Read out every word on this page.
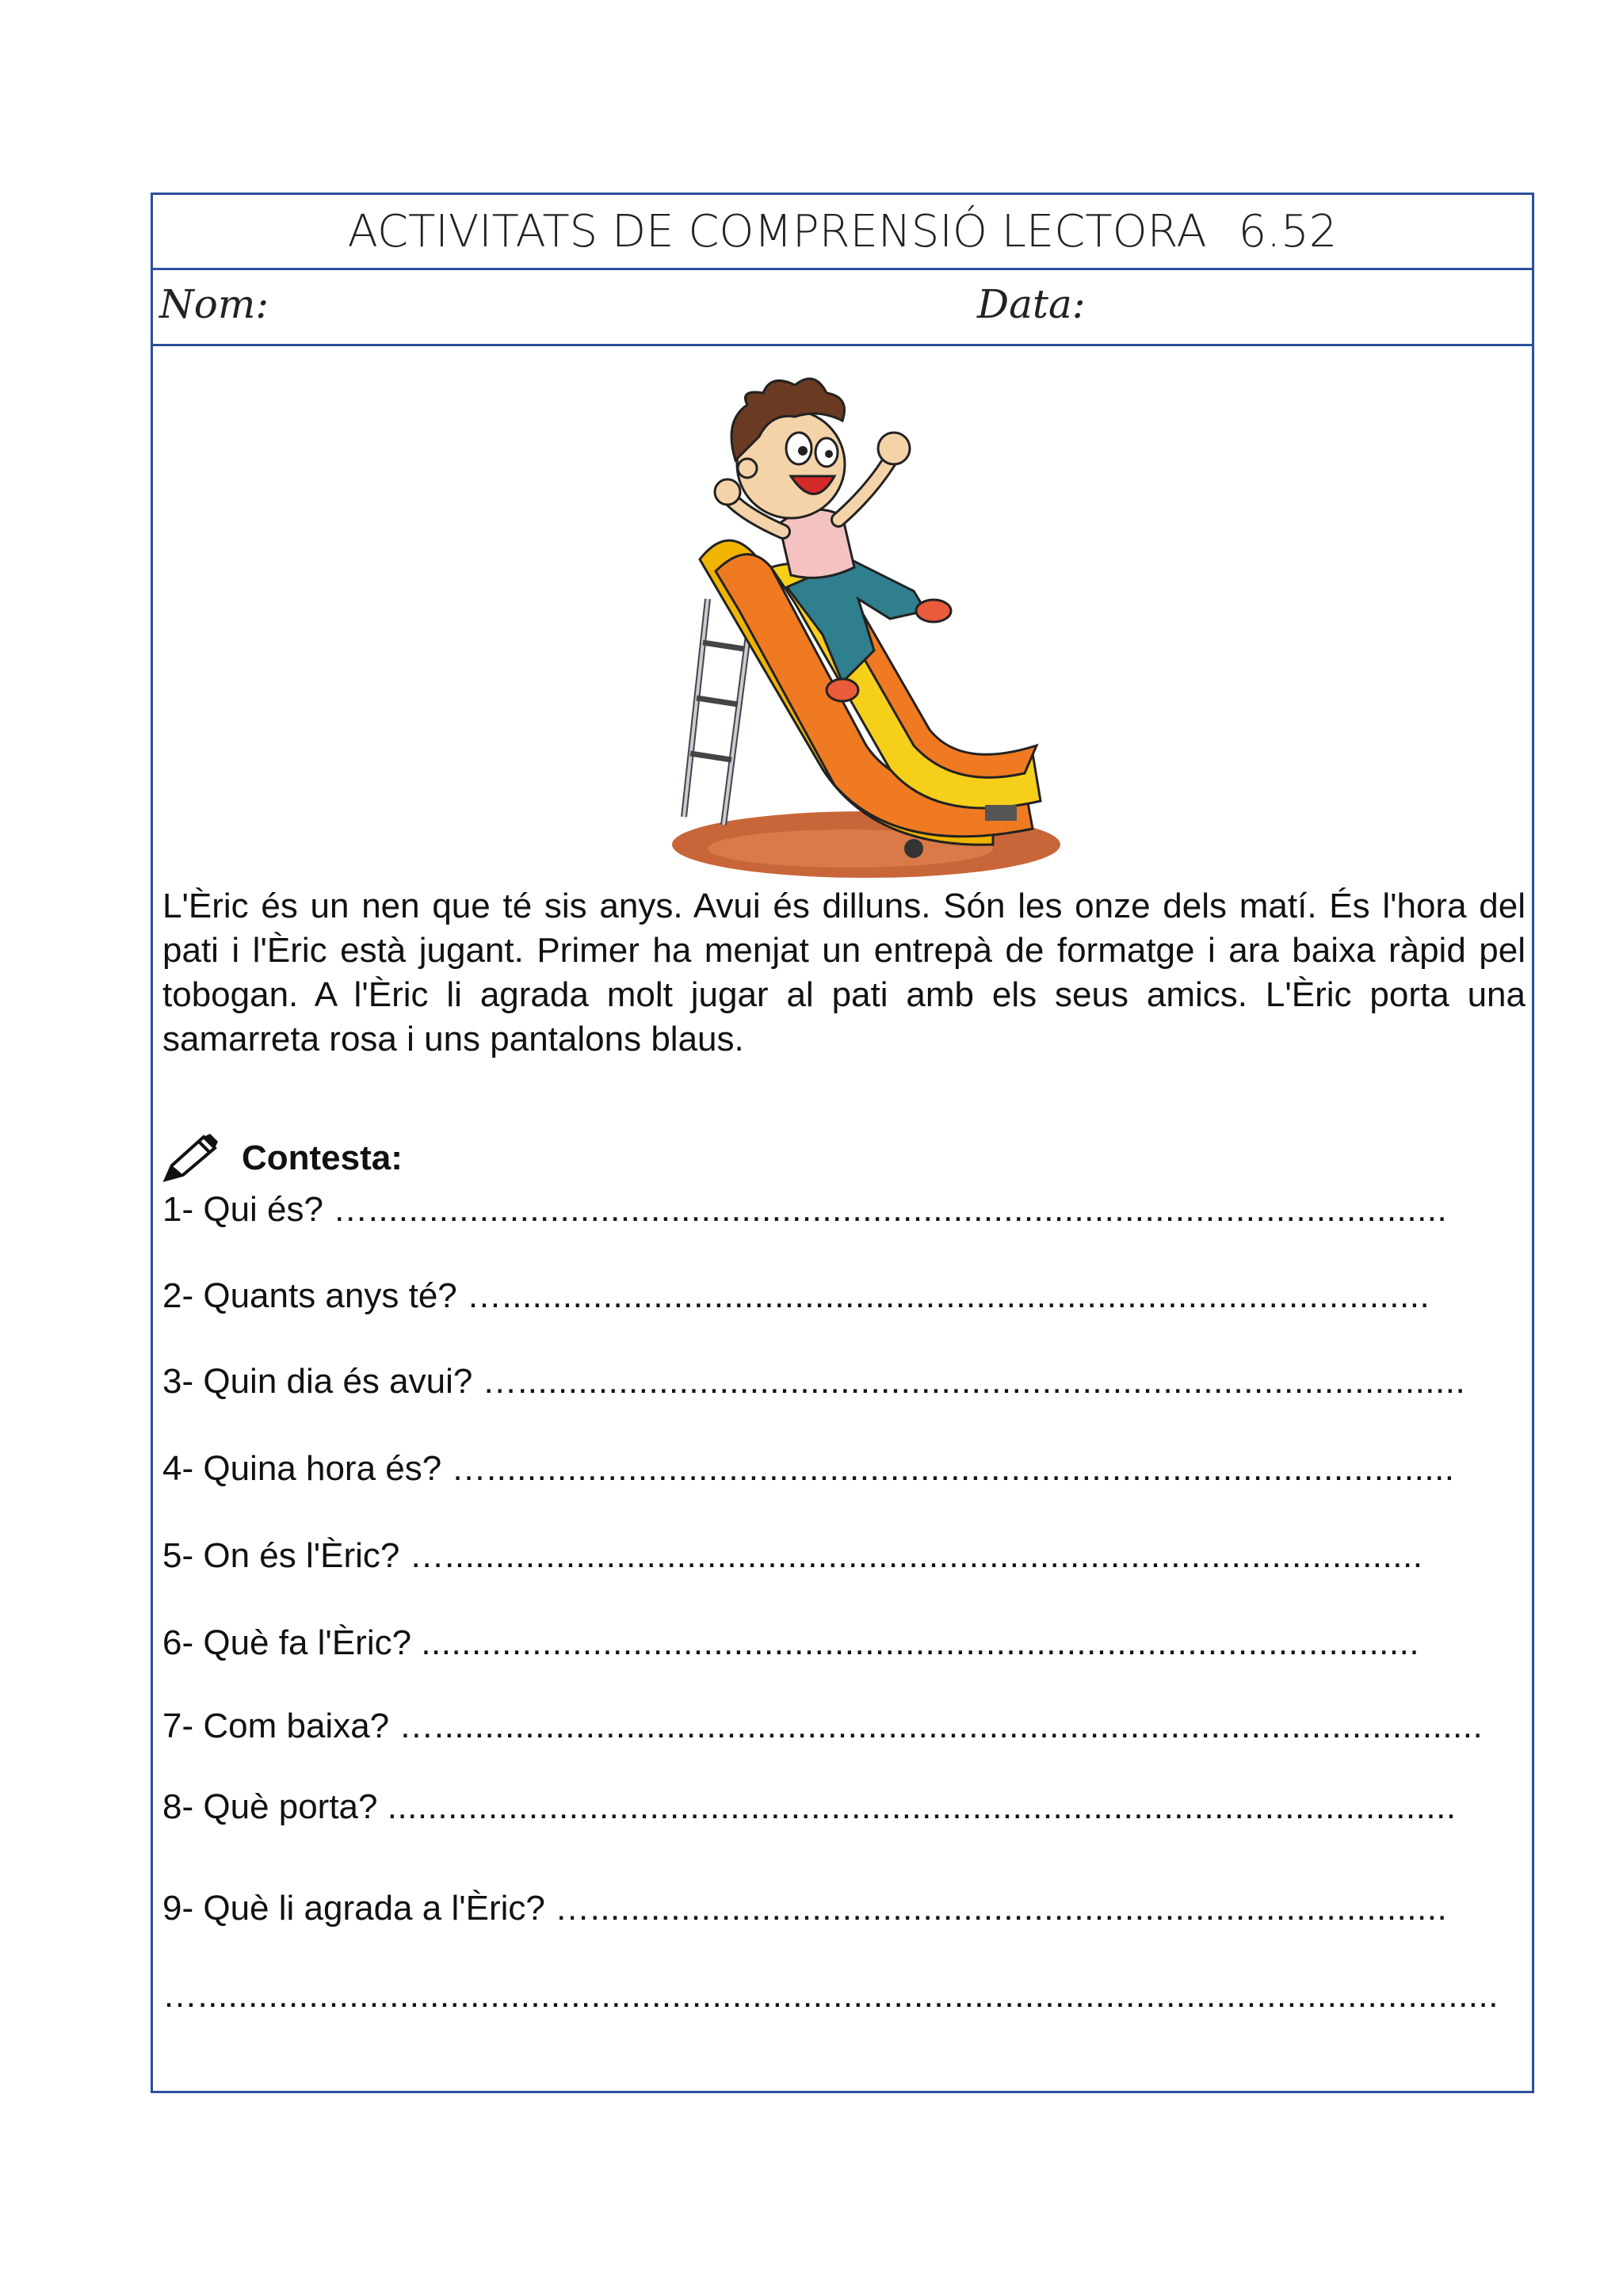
ACTIVITATS DE COMPRENSIÓ LECTORA 6.52
Nom:	Data:
L'Èric és un nen que té sis anys. Avui és dilluns. Són les onze dels matí. És l'hora del pati i l'Èric està jugant. Primer ha menjat un entrepà de formatge i ara baixa ràpid pel tobogan. A l'Èric li agrada molt jugar al pati amb els seus amics. L'Èric porta una samarreta rosa i uns pantalons blaus.
Contesta:
1- Qui és? …...........................................................................................................
2- Quants anys té? …............................................................................................
3- Quin dia és avui? …..............................................................................................
4- Quina hora és? …................................................................................................
5- On és l'Èric? ….................................................................................................
6- Què fa l'Èric? ...................................................................................................
7- Com baixa? …........................................................................................................
8- Què porta? ..........................................................................................................
9- Què li agrada a l'Èric? ….....................................................................................
….................................................................................................................................
